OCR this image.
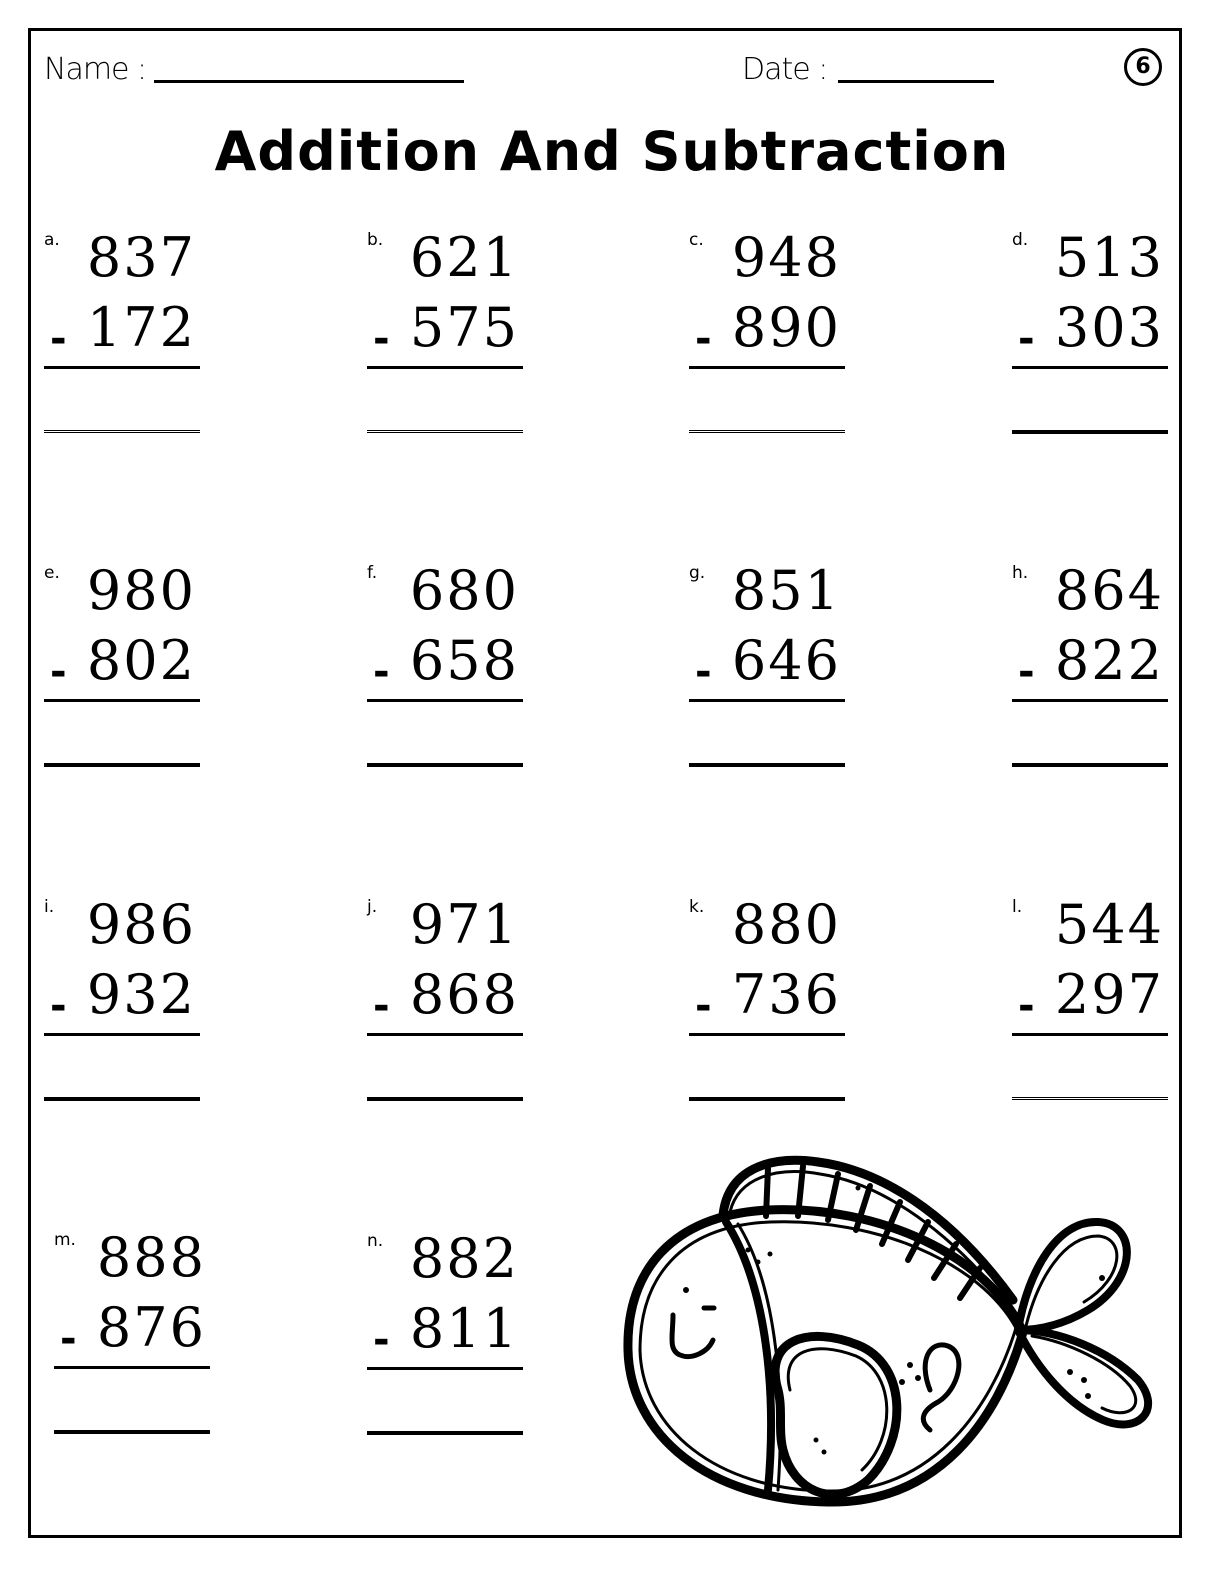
Name :	Date :	6
Addition And Subtraction
a. 837
- 172
b. 621
- 575
c. 948
- 890
d. 513
- 303
e. 980
- 802
f. 680
- 658
g. 851
- 646
h. 864
- 822
i. 986
- 932
j. 971
- 868
k. 880
- 736
l. 544
- 297
m. 888
- 876
n. 882
- 811
